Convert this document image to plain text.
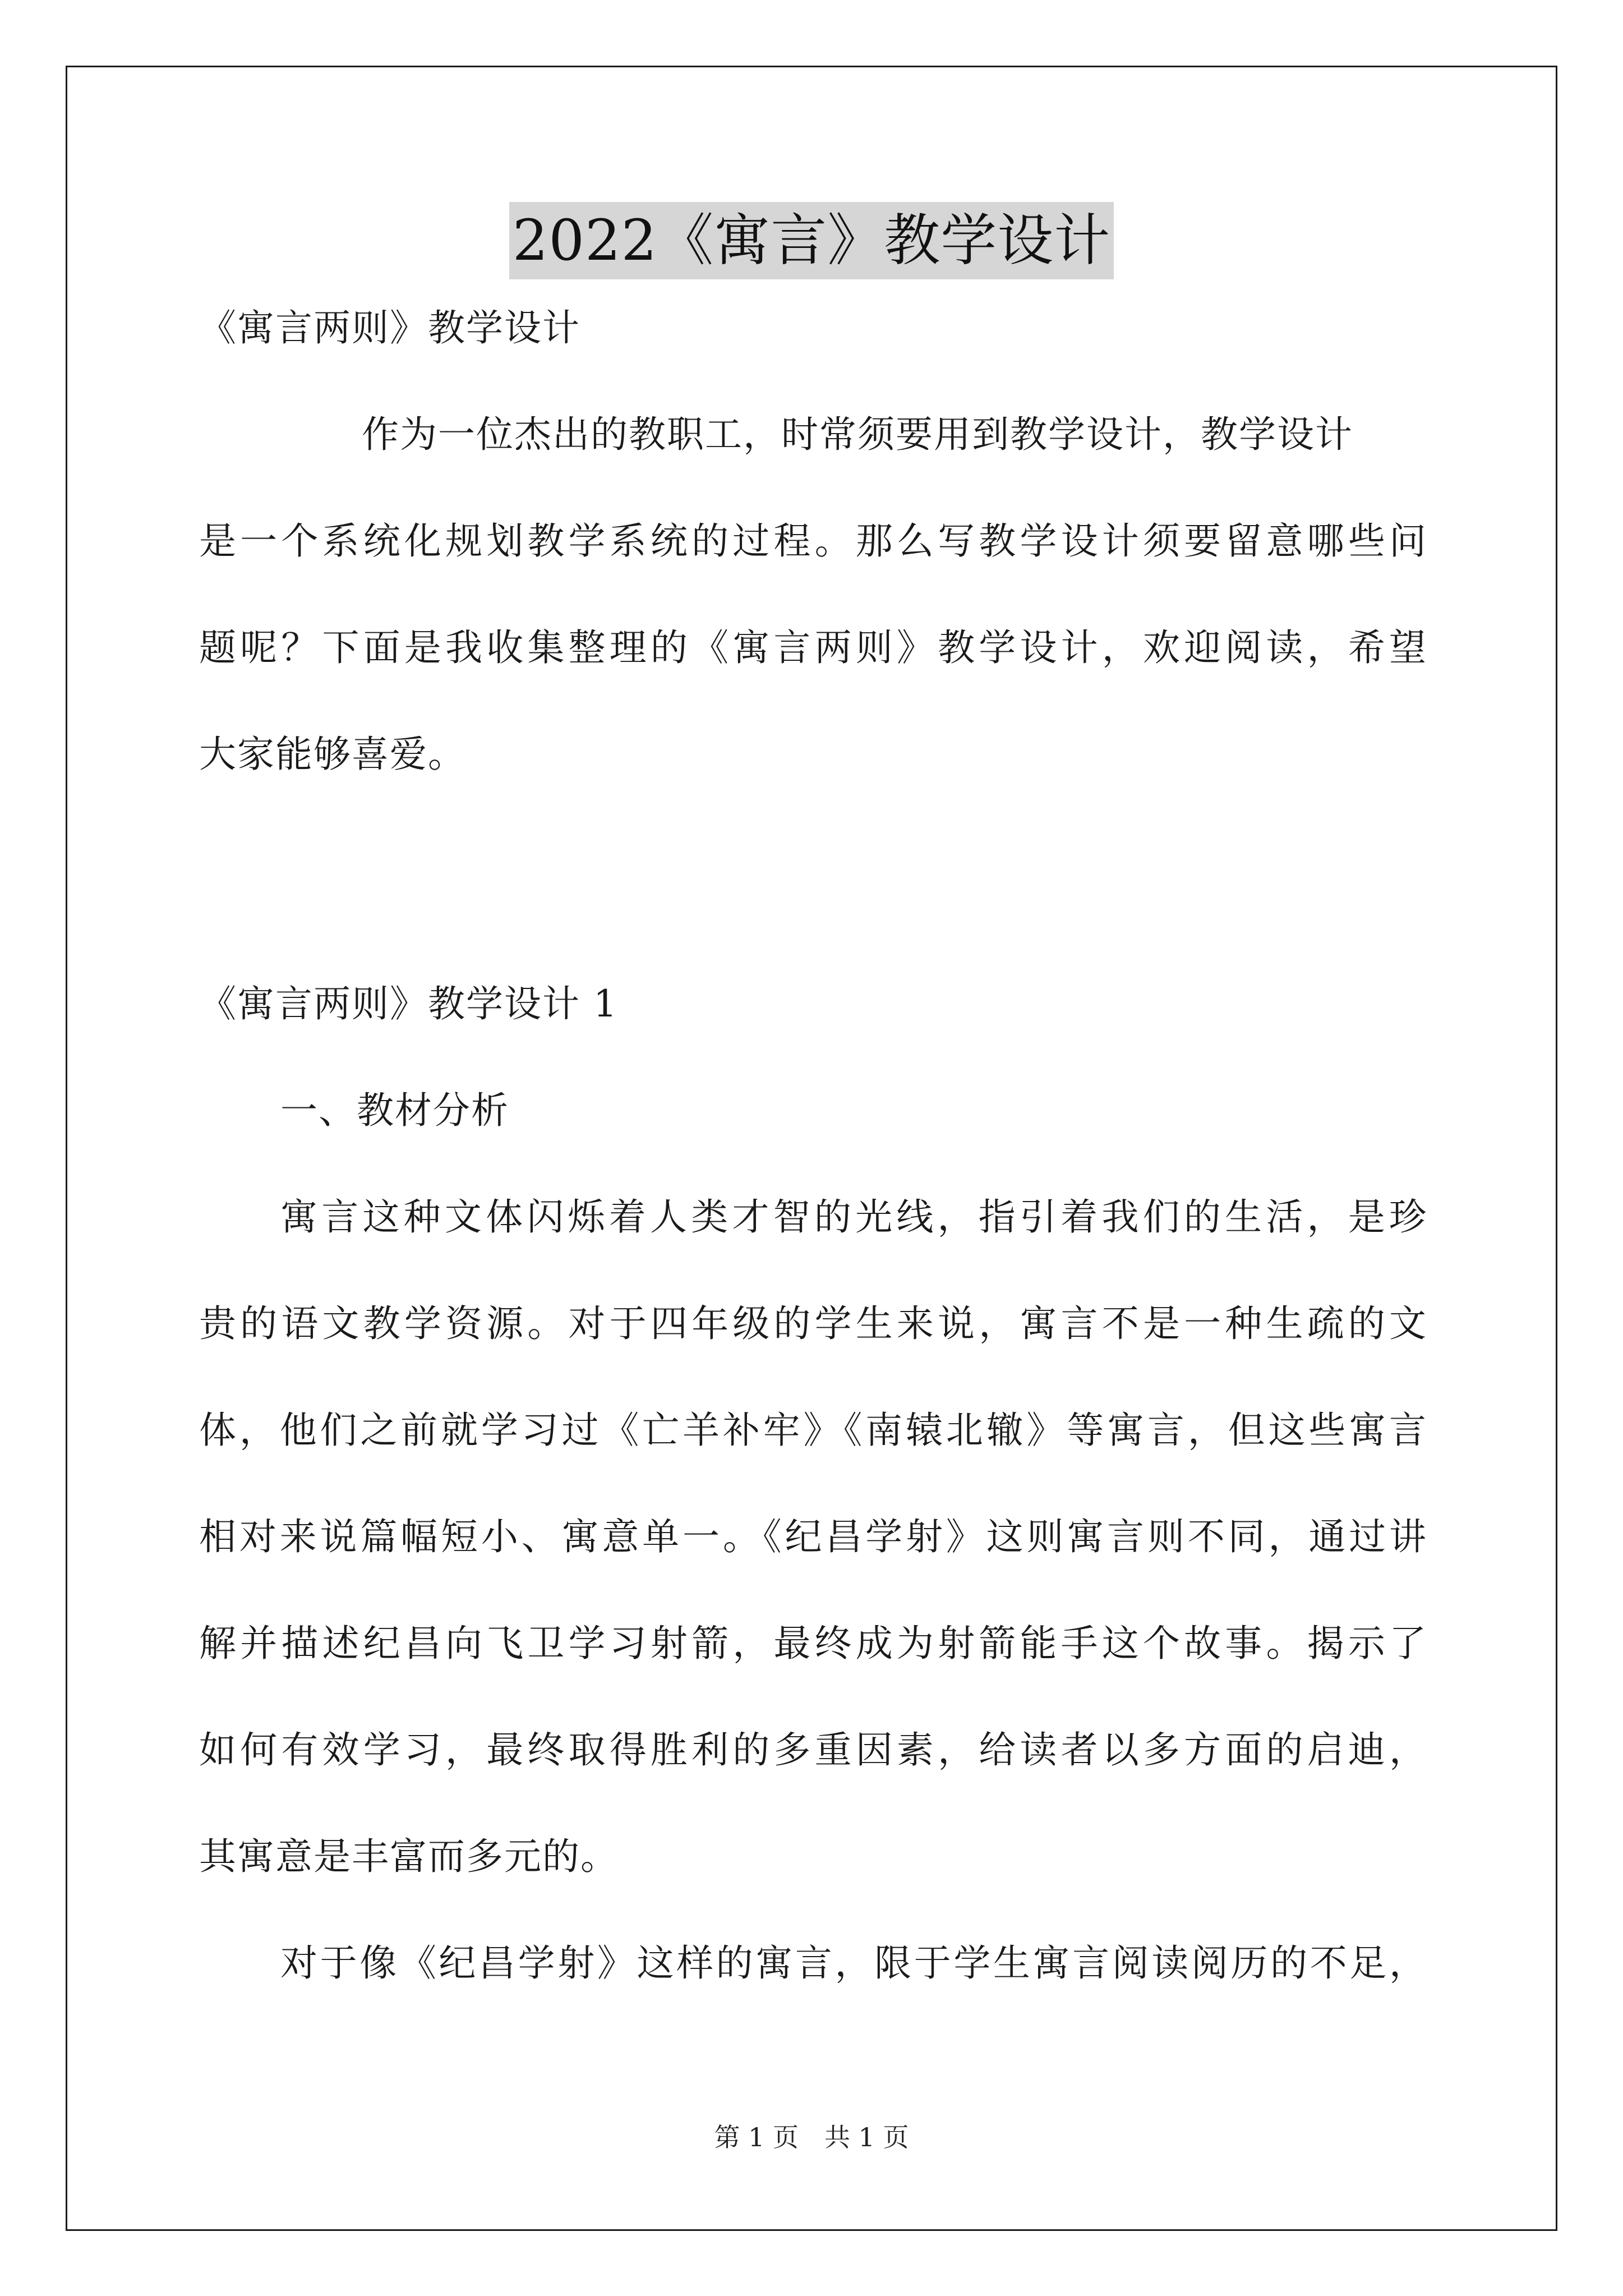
2022《寓言》教学设计
《寓言两则》教学设计
作为一位杰出的教职工，时常须要用到教学设计，教学设计
是一个系统化规划教学系统的过程。那么写教学设计须要留意哪些问
题呢？下面是我收集整理的《寓言两则》教学设计，欢迎阅读，希望
大家能够喜爱。
《寓言两则》教学设计 1
一、教材分析
寓言这种文体闪烁着人类才智的光线，指引着我们的生活，是珍
贵的语文教学资源。对于四年级的学生来说，寓言不是一种生疏的文
体，他们之前就学习过《亡羊补牢》《南辕北辙》等寓言，但这些寓言
相对来说篇幅短小、寓意单一。《纪昌学射》这则寓言则不同，通过讲
解并描述纪昌向飞卫学习射箭，最终成为射箭能手这个故事。揭示了
如何有效学习，最终取得胜利的多重因素，给读者以多方面的启迪，
其寓意是丰富而多元的。
对于像《纪昌学射》这样的寓言，限于学生寓言阅读阅历的不足，
第 1 页　共 1 页
